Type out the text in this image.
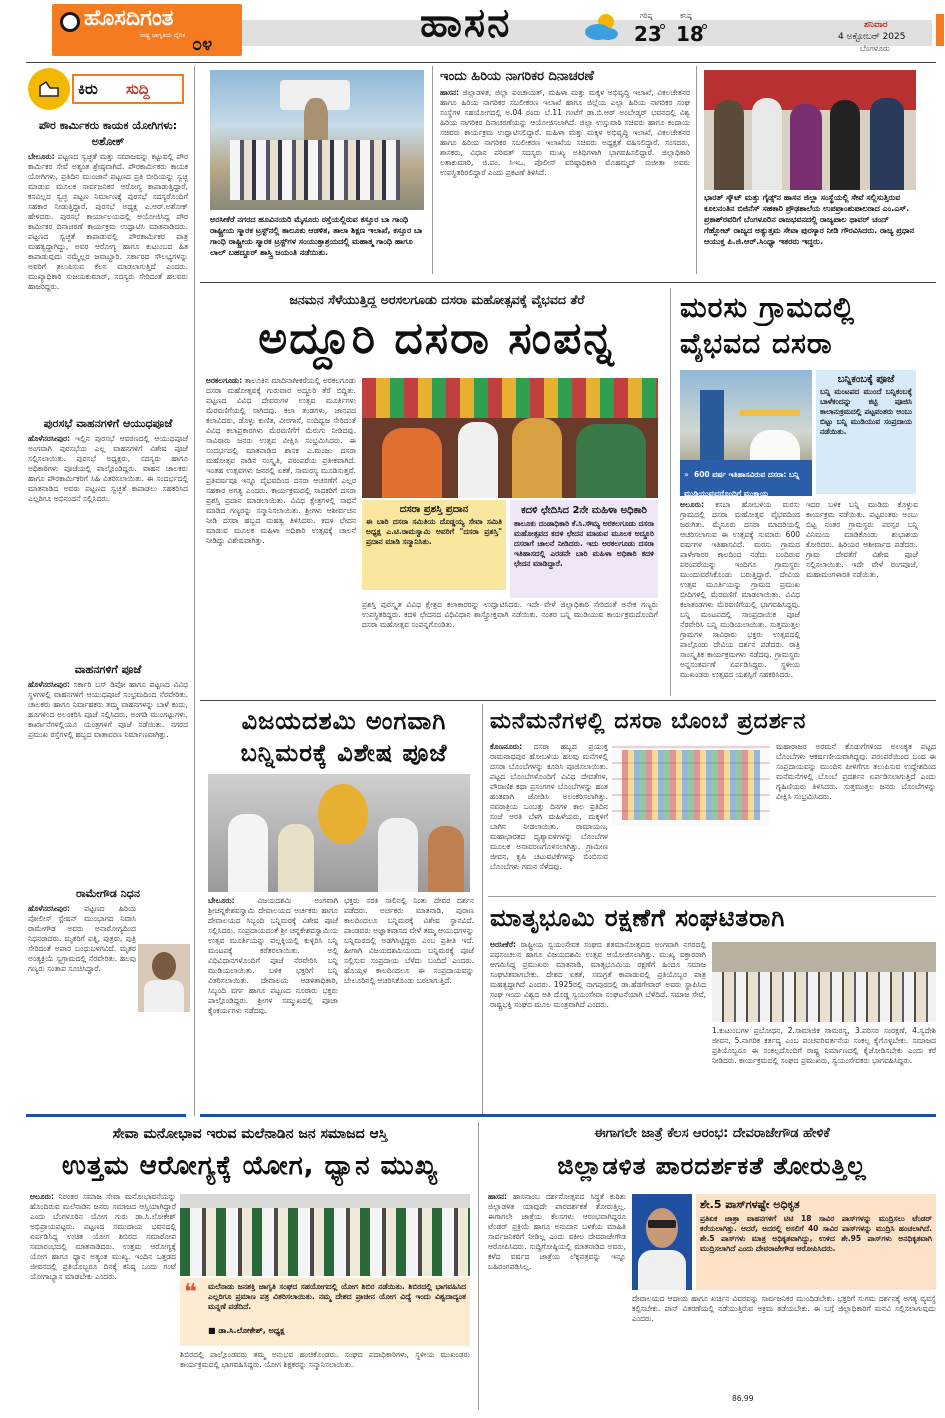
ಹೊಸದಿಗಂತ
ರಾಷ್ಟ್ರ ಜಾಗೃತಿಯ ದೈನಿಕ ೦೪	ಹಾಸನ	ಗರಿಷ್ಠ
23
ಕನಿಷ್ಠ
18	ಶನಿವಾರ
4 ಅಕ್ಟೋಬರ್ 2025
ಬೆಂಗಳೂರು
ಕಿರು ಸುದ್ದಿ
ಪೌರ ಕಾರ್ಮಿಕರು ಕಾಯಕ ಯೋಗಿಗಳು: ಅಶೋಕ್
ಬೇಲೂರು: ಪಟ್ಟಣದ ಸ್ವಚ್ಛತೆ ಮತ್ತು ಸಮಾಜವನ್ನು ಕಟ್ಟುವಲ್ಲಿ ಪೌರ ಕಾರ್ಮಿಕರ ಸೇವೆ ಅತ್ಯಂತ ಶ್ರೇಷ್ಠವಾಗಿದೆ. ಪೌರಕಾರ್ಮಿಕರು ಕಾಯಕ ಯೋಗಿಗಳು, ಪ್ರತಿದಿನ ಮುಂಜಾನೆ ಪಟ್ಟಣದ ಪ್ರತಿ ಬೀದಿಯನ್ನು ಸ್ವಚ್ಛ ಮಾಡುವ ಮೂಲಕ ಸಾರ್ವಜನಿಕರ ಆರೋಗ್ಯ ಕಾಪಾಡುತ್ತಿದ್ದಾರೆ, ಕಸವಿಲ್ಲದ ಸ್ವಚ್ಛ ಪಟ್ಟಣ ನಿರ್ಮಾಣಕ್ಕೆ ಪುರಸಭೆ ಸದಸ್ಯರೊಂದಿಗೆ ಸಹಕಾರ ನೀಡುತ್ತಿದ್ದಾರೆ. ಪುರಸಭೆ ಅಧ್ಯಕ್ಷ ಎ.ಆರ್.ಅಶೋಕ್ ಹೇಳಿದರು. ಪುರಸಭೆ ಕಾರ್ಯಾಲಯದಲ್ಲಿ ಆಯೋಜಿಸಿದ್ದ ಪೌರ ಕಾರ್ಮಿಕರ ದಿನಾಚರಣೆ ಕಾರ್ಯಕ್ರಮ ಉದ್ಘಾಟಿಸಿ ಮಾತನಾಡಿದರು. ಪಟ್ಟಣದ ಸ್ವಚ್ಛತೆ ಕಾಪಾಡುವಲ್ಲಿ ಪೌರಕಾರ್ಮಿಕರ ಪಾತ್ರ ಮಹತ್ವದ್ದಾಗಿದ್ದು, ಅವರ ಆರೋಗ್ಯ ಹಾಗೂ ಕುಟುಂಬದ ಹಿತ ಕಾಪಾಡುವುದು ನಮ್ಮೆಲ್ಲರ ಜವಾಬ್ದಾರಿ. ಸರ್ಕಾರದ ಸೌಲಭ್ಯಗಳನ್ನು ಅವರಿಗೆ ತಲುಪಿಸುವ ಕೆಲಸ ಮಾಡಲಾಗುತ್ತಿದೆ ಎಂದರು. ಮುಖ್ಯಾಧಿಕಾರಿ ಸುಜಯಕುಮಾರ್, ಸದಸ್ಯರು ಸೇರಿದಂತೆ ಹಲವರು ಹಾಜರಿದ್ದರು.
ಪುರಸಭೆ ವಾಹನಗಳಿಗೆ ಆಯುಧಪೂಜೆ
ಹೊಳೆನರಸೀಪುರ: ಇಲ್ಲಿನ ಪುರಸಭೆ ಆವರಣದಲ್ಲಿ ಆಯುಧಪೂಜೆ ಅಂಗವಾಗಿ ಪುರಸಭೆಯ ಎಲ್ಲ ವಾಹನಗಳಿಗೆ ವಿಶೇಷ ಪೂಜೆ ಸಲ್ಲಿಸಲಾಯಿತು. ಪುರಸಭೆ ಅಧ್ಯಕ್ಷರು, ಸದಸ್ಯರು ಹಾಗೂ ಅಧಿಕಾರಿಗಳು ಪೂಜೆಯಲ್ಲಿ ಪಾಲ್ಗೊಂಡಿದ್ದರು. ವಾಹನ ಚಾಲಕರು ಹಾಗೂ ಪೌರಕಾರ್ಮಿಕರಿಗೆ ಸಿಹಿ ವಿತರಿಸಲಾಯಿತು. ಈ ಸಂದರ್ಭದಲ್ಲಿ ಮಾತನಾಡಿದ ಅವರು ಪಟ್ಟಣದ ಸ್ವಚ್ಛತೆ ಕಾಪಾಡಲು ಸಹಕರಿಸಿದ ಎಲ್ಲರಿಗೂ ಅಭಿನಂದನೆ ಸಲ್ಲಿಸಿದರು.
ವಾಹನಗಳಿಗೆ ಪೂಜೆ
ಹೊಳೆನರಸೀಪುರ: ಸರ್ಕಾರಿ ಬಸ್ ಡಿಪೋ ಹಾಗೂ ಪಟ್ಟಣದ ವಿವಿಧ ಸ್ಥಳಗಳಲ್ಲಿ ವಾಹನಗಳಿಗೆ ಆಯುಧಪೂಜೆ ಸಂಭ್ರಮದಿಂದ ನೆರವೇರಿತು. ಚಾಲಕರು ಹಾಗೂ ನಿರ್ವಾಹಕರು ತಮ್ಮ ವಾಹನಗಳನ್ನು ಬಾಳೆ ಕಂದು, ಹೂಗಳಿಂದ ಅಲಂಕರಿಸಿ ಪೂಜೆ ಸಲ್ಲಿಸಿದರು. ಅಂಗಡಿ ಮುಂಗಟ್ಟುಗಳು, ಕಾರ್ಖಾನೆಗಳಲ್ಲಿಯೂ ಯಂತ್ರಗಳಿಗೆ ಪೂಜೆ ನಡೆಯಿತು. ನಗರದ ಪ್ರಮುಖ ರಸ್ತೆಗಳಲ್ಲಿ ಹಬ್ಬದ ವಾತಾವರಣ ನಿರ್ಮಾಣವಾಗಿತ್ತು.
ರಾಮೇಗೌಡ ನಿಧನ
ಹೊಳೆನರಸೀಪುರ: ಪಟ್ಟಣದ ಹಿರಿಯ ಪೋಲೀಸ್ ಸ್ಟೇಷನ್ ಮುಂಭಾಗದ ನಿವಾಸಿ ರಾಮೇಗೌಡ ಅವರು ಅನಾರೋಗ್ಯದಿಂದ ನಿಧನರಾದರು. ಮೃತರಿಗೆ ಪತ್ನಿ, ಪುತ್ರರು, ಪುತ್ರಿ ಸೇರಿದಂತೆ ಅಪಾರ ಬಂಧುಬಳಗವಿದೆ. ಮೃತರ ಅಂತ್ಯಕ್ರಿಯೆ ಸ್ವಗ್ರಾಮದಲ್ಲಿ ನೆರವೇರಿತು. ಹಲವು ಗಣ್ಯರು ಸಂತಾಪ ಸೂಚಿಸಿದ್ದಾರೆ.
ಅರಸೀಕೆರೆ ನಗರದ ಹೂವಿನಯರಿ ಮೈಸೂರು ರಸ್ತೆಯಲ್ಲಿರುವ ಕಸ್ತೂರ ಬಾ ಗಾಂಧಿ ರಾಷ್ಟ್ರೀಯ ಸ್ಮಾರಕ ಟ್ರಸ್ಟ್‌ನಲ್ಲಿ ತಾಲೂಕು ಆಡಳಿತ, ತಾಲಾ ಶಿಕ್ಷಣ ಇಲಾಖೆ, ಕಸ್ತೂರ ಬಾ ಗಾಂಧಿ ರಾಷ್ಟ್ರೀಯ ಸ್ಮಾರಕ ಟ್ರಸ್ಟ್‌ಗಳ ಸಂಯುಕ್ತಾಶ್ರಯದಲ್ಲಿ ಮಹಾತ್ಮ ಗಾಂಧಿ ಹಾಗೂ ಲಾಲ್ ಬಹದ್ದೂರ್ ಶಾಸ್ತ್ರಿ ಜಯಂತಿ ನಡೆಯಿತು.
ಇಂದು ಹಿರಿಯ ನಾಗರಿಕರ ದಿನಾಚರಣೆ
ಹಾಸನ: ಜಿಲ್ಲಾಡಳಿತ, ಜಿಲ್ಲಾ ಪಂಚಾಯತ್, ಮಹಿಳಾ ಮತ್ತು ಮಕ್ಕಳ ಅಭಿವೃದ್ಧಿ ಇಲಾಖೆ, ವಿಕಲಚೇತನರ ಹಾಗೂ ಹಿರಿಯ ನಾಗರಿಕರ ಸಬಲೀಕರಣ ಇಲಾಖೆ ಹಾಗೂ ಜಿಲ್ಲೆಯ ಎಲ್ಲಾ ಹಿರಿಯ ನಾಗರಿಕರ ಸಂಘ ಸಂಸ್ಥೆಗಳ ಸಹಯೋಗದಲ್ಲಿ ಅ.04 ರಂದು ಬೆ.11 ಗಂಟೆಗೆ ಡಾ.ಬಿ.ಆರ್ ಅಂಬೇಡ್ಕರ್ ಭವನದಲ್ಲಿ ವಿಶ್ವ ಹಿರಿಯ ನಾಗರಿಕರ ದಿನಾಚರಣೆಯನ್ನು ಆಯೋಜಿಸಲಾಗಿದೆ. ಜಿಲ್ಲಾ ಉಸ್ತುವಾರಿ ಸಚಿವರು ಹಾಗೂ ಕಂದಾಯ ಸಚಿವರು ಕಾರ್ಯಕ್ರಮ ಉದ್ಘಾಟಿಸಲಿದ್ದಾರೆ. ಮಹಿಳಾ ಮತ್ತು ಮಕ್ಕಳ ಅಭಿವೃದ್ಧಿ ಇಲಾಖೆ, ವಿಕಲಚೇತನರ ಹಾಗೂ ಹಿರಿಯ ನಾಗರಿಕರ ಸಬಲೀಕರಣ ಇಲಾಖೆಯ ಸಚಿವರು ಅಧ್ಯಕ್ಷತೆ ವಹಿಸಲಿದ್ದಾರೆ. ಸಂಸದರು, ಶಾಸಕರು, ವಿಧಾನ ಪರಿಷತ್ ಸದಸ್ಯರು ಮುಖ್ಯ ಅತಿಥಿಗಳಾಗಿ ಭಾಗವಹಿಸಲಿದ್ದಾರೆ. ಜಿಲ್ಲಾಧಿಕಾರಿ ಲತಾಕುಮಾರಿ, ಜಿ.ಪಂ. ಸಿಇಒ, ಪೊಲೀಸ್ ವರಿಷ್ಠಾಧಿಕಾರಿ ಮೊಹಮ್ಮದ್ ಸುಜೀತಾ ಅವರು ಉಪಸ್ಥಿತರಿರಲಿದ್ದಾರೆ ಎಂದು ಪ್ರಕಟಣೆ ತಿಳಿಸಿದೆ.
ಭಾರತ್ ಸ್ಕೌಟ್ ಮತ್ತು ಗೈಡ್ಸ್‌ನ ಹಾಸನ ಜಿಲ್ಲಾ ಸಂಸ್ಥೆಯಲ್ಲಿ ಸೇವೆ ಸಲ್ಲಿಸುತ್ತಿರುವ ಕೂಲನಂತಿನ ಬಿಜಿನೆಸ್ ಸಹಕಾರಿ ಪ್ರೌಢಶಾಲೆಯ ಉಪಪ್ರಾಂಶುಪಾಲರಾದ ಎಂ.ಎಸ್. ಪ್ರಕಾಶ್‌ರವರಿಗೆ ಬೆಂಗಳೂರಿನ ರಾಜಭವನದಲ್ಲಿ ರಾಜ್ಯಪಾಲ ಥಾವರ್ ಚಂದ್ ಗೆಹ್ಲೋಟ್ ರಾಜ್ಯದ ಅತ್ಯುತ್ತಮ ಸೇವಾ ಪುರಸ್ಕಾರ ನೀಡಿ ಗೌರವಿಸಿದರು. ರಾಜ್ಯ ಪ್ರಧಾನ ಆಯುಕ್ತ ಪಿ.ಜಿ.ಆರ್.ಸಿಂಧ್ಯಾ ಇತರರು ಇದ್ದರು.
ಜನಮನ ಸೆಳೆಯುತ್ತಿದ್ದ ಅರಸಲಗೂಡು ದಸರಾ ಮಹೋತ್ಸವಕ್ಕೆ ವೈಭವದ ತೆರೆ
ಅದ್ದೂರಿ ದಸರಾ ಸಂಪನ್ನ
ಅರಕಲಗೂಡು: ತಾಲೂಕಿನ ಮಾದಿನಾಗೀಕರೆಯಲ್ಲಿ ಅರಕಲಗೂಡು ದಸರಾ ಮಹೋತ್ಸವಕ್ಕೆ ಗುರುವಾರ ಅದ್ದೂರಿ ತೆರೆ ಬಿದ್ದಿತು. ಪಟ್ಟಣದ ವಿವಿಧ ದೇವರುಗಳ ಉತ್ಸವ ಮೂರ್ತಿಗಳು ಮೆರವಣಿಗೆಯಲ್ಲಿ ಸಾಗಿದವು. ಕಲಾ ತಂಡಗಳು, ಜಾನಪದ ಕಲಾವಿದರು, ಡೊಳ್ಳು ಕುಣಿತ, ವೀರಗಾಸೆ, ನಂದಿಧ್ವಜ ಸೇರಿದಂತೆ ವಿವಿಧ ಕಲಾಪ್ರಕಾರಗಳು ಮೆರವಣಿಗೆಗೆ ಮೆರುಗು ನೀಡಿದವು. ಸಾವಿರಾರು ಜನರು ಉತ್ಸವ ವೀಕ್ಷಿಸಿ ಸಂಭ್ರಮಿಸಿದರು. ಈ ಸಂದರ್ಭದಲ್ಲಿ ಮಾತನಾಡಿದ ಶಾಸಕ ಎ.ಮಂಜು ದಸರಾ ಮಹೋತ್ಸವ ನಾಡಿನ ಸಂಸ್ಕೃತಿ, ಪರಂಪರೆಯ ಪ್ರತೀಕವಾಗಿದೆ. ಇಂತಹ ಉತ್ಸವಗಳು ಜನರಲ್ಲಿ ಏಕತೆ, ಸಾಮರಸ್ಯ ಮೂಡಿಸುತ್ತವೆ. ಪ್ರತಿವರ್ಷವೂ ಇನ್ನೂ ವೈಭವದಿಂದ ದಸರಾ ಆಚರಣೆಗೆ ಎಲ್ಲರ ಸಹಕಾರ ಅಗತ್ಯ ಎಂದರು. ಕಾರ್ಯಕ್ರಮದಲ್ಲಿ ಸಾಧಕರಿಗೆ ದಸರಾ ಪ್ರಶಸ್ತಿ ಪ್ರದಾನ ಮಾಡಲಾಯಿತು. ವಿವಿಧ ಕ್ಷೇತ್ರಗಳಲ್ಲಿ ಸಾಧನೆ ಮಾಡಿದ ಗಣ್ಯರನ್ನು ಸನ್ಮಾನಿಸಲಾಯಿತು. ಶ್ರೀಗಳು ಆಶೀರ್ವಚನ ನೀಡಿ ದಸರಾ ಹಬ್ಬದ ಮಹತ್ವ ತಿಳಿಸಿದರು. ಕದಳಿ ಛೇದನ ಮಾಡುವ ಮೂಲಕ ಮಹಿಳಾ ಅಧಿಕಾರಿ ಉತ್ಸವಕ್ಕೆ ಚಾಲನೆ ನೀಡಿದ್ದು ವಿಶೇಷವಾಗಿತ್ತು.
ದಸರಾ ಪ್ರಶಸ್ತಿ ಪ್ರದಾನ
ಈ ಬಾರಿ ದಸರಾ ಸಮಿತಿಯ ದೊಡ್ಡಯ್ಯ ಸೇವಾ ಸಮಿತಿ ಅಧ್ಯಕ್ಷ ಎ.ಟಿ.ರಾಮಸ್ವಾಮಿ ಅವರಿಗೆ "ದಸರಾ ಪ್ರಶಸ್ತಿ" ಪ್ರದಾನ ಮಾಡಿ ಸನ್ಮಾನಿಸಿತು.
ಕದಳಿ ಛೇದಿಸಿದ 2ನೇ ಮಹಿಳಾ ಅಧಿಕಾರಿ
ತಾಲೂಕು ದಂಡಾಧಿಕಾರಿ ಕೆ.ಸಿ.ಸೌಮ್ಯ ಅರಕಲಗೂಡು ದಸರಾ ಮಹೋತ್ಸವದ ಕದಳಿ ಛೇದನ ಮಾಡುವ ಮೂಲಕ ಅದ್ದೂರಿ ದಸರಾಗೆ ಚಾಲನೆ ನೀಡಿದರು. ಇದು ಅರಕಲಗೂಡು ದಸರಾ ಇತಿಹಾಸದಲ್ಲಿ ಎರಡನೇ ಬಾರಿ ಮಹಿಳಾ ಅಧಿಕಾರಿ ಕದಳಿ ಛೇದನ ಮಾಡಿದ್ದಾರೆ.
ಪ್ರಶಸ್ತಿ ಪುರಸ್ಕೃತ ವಿವಿಧ ಕ್ಷೇತ್ರದ ಕಲಾಕಾರರನ್ನು ಉದ್ಘಾಟಿಸಿದರು. ಇದೇ ವೇಳೆ ಜಿಲ್ಲಾಧಿಕಾರಿ ಸೇರಿದಂತೆ ಅನೇಕ ಗಣ್ಯರು ಉಪಸ್ಥಿತರಿದ್ದರು. ಕದಳಿ ಛೇದನದ ವಿಧಿವಿಧಾನ ಶಾಸ್ತ್ರೋಕ್ತವಾಗಿ ನಡೆಯಿತು. ನಂತರ ಬನ್ನಿ ಮುಡಿಯುವ ಕಾರ್ಯಕ್ರಮದೊಂದಿಗೆ ದಸರಾ ಮಹೋತ್ಸವ ಸಂಪನ್ನಗೊಂಡಿತು.
ಮರಸು ಗ್ರಾಮದಲ್ಲಿ
ವೈಭವದ ದಸರಾ
» 600 ವರ್ಷ ಇತಿಹಾಸವಿರುವ ದಸರಾ: ಬನ್ನಿ ಮುಡಿಯುವುದರೊಂದಿಗೆ ಮುಕ್ತಾಯ
ಬನ್ನಿಕಂಬಕ್ಕೆ ಪೂಜೆ
ಬನ್ನಿ ಮಂಟಪದ ಮುಂದೆ ಬನ್ನಿಕಂಬಕ್ಕೆ ಬಾಳೆಕಂದನ್ನು ಕಟ್ಟಿ ಪೂಜಿಸಿ ಕಾಲಾನುಕ್ರಮದಲ್ಲಿ ಪಟ್ಟವಂತರು ಅಂಬು ಬಿಟ್ಟು ಬನ್ನಿ ಮುಡಿಯುವ ಸಂಪ್ರದಾಯ ನಡೆಯಿತು.
ಆಲೂರು: ಕಸಬಾ ಹೋಬಳಿಯ ಮರಸು ಗ್ರಾಮದಲ್ಲಿ ದಸರಾ ಮಹೋತ್ಸವ ವೈಭವದಿಂದ ಜರುಗಿತು. ಮೈಸೂರು ದಸರಾ ಮಾದರಿಯಲ್ಲಿ ಆಚರಿಸಲಾಗುವ ಈ ಉತ್ಸವಕ್ಕೆ ಸುಮಾರು 600 ವರ್ಷಗಳ ಇತಿಹಾಸವಿದೆ. ಮರಸು ಗ್ರಾಮದ ಪಾಳೇಗಾರರ ಕಾಲದಿಂದ ನಡೆದು ಬಂದಿರುವ ಪರಂಪರೆಯನ್ನು ಇಂದಿಗೂ ಗ್ರಾಮಸ್ಥರು ಮುಂದುವರೆಸಿಕೊಂಡು ಬರುತ್ತಿದ್ದಾರೆ. ದೇವಿಯ ಉತ್ಸವ ಮೂರ್ತಿಯನ್ನು ಗ್ರಾಮದ ಪ್ರಮುಖ ಬೀದಿಗಳಲ್ಲಿ ಮೆರವಣಿಗೆ ಮಾಡಲಾಯಿತು. ವಿವಿಧ ಕಲಾತಂಡಗಳು ಮೆರವಣಿಗೆಯಲ್ಲಿ ಭಾಗವಹಿಸಿದ್ದವು. ಬನ್ನಿ ಮಂಟಪದಲ್ಲಿ ಸಾಂಪ್ರದಾಯಿಕ ಪೂಜೆ ನೆರವೇರಿಸಿ ಬನ್ನಿ ಮುಡಿಯಲಾಯಿತು. ಸುತ್ತಮುತ್ತಲ ಗ್ರಾಮಗಳ ಸಾವಿರಾರು ಭಕ್ತರು ಉತ್ಸವದಲ್ಲಿ ಪಾಲ್ಗೊಂಡು ದೇವಿಯ ದರ್ಶನ ಪಡೆದರು. ರಾತ್ರಿ ಸಾಂಸ್ಕೃತಿಕ ಕಾರ್ಯಕ್ರಮಗಳು ನಡೆದವು. ಗ್ರಾಮಸ್ಥರು ಅನ್ನಸಂತರ್ಪಣೆ ಏರ್ಪಡಿಸಿದ್ದರು. ಸ್ಥಳೀಯ ಮುಖಂಡರು ಉತ್ಸವದ ಯಶಸ್ಸಿಗೆ ಸಹಕರಿಸಿದರು.
ಇದರ ಬಳಿಕ ಬನ್ನಿ ಮುಡಿದು ಕೊಳ್ಳುವ ಕಾರ್ಯಕ್ರಮ ನಡೆಯಿತು. ಪಟ್ಟವಂತರು ಅಂಬು ಬಿಟ್ಟ ನಂತರ ಗ್ರಾಮಸ್ಥರು ಪರಸ್ಪರ ಬನ್ನಿ ವಿನಿಮಯ ಮಾಡಿಕೊಂಡು ಶುಭಾಶಯ ಕೋರಿದರು. ಹಿರಿಯರ ಆಶೀರ್ವಾದ ಪಡೆದರು. ಗ್ರಾಮ ದೇವತೆಗೆ ವಿಶೇಷ ಪೂಜೆ ಸಲ್ಲಿಸಲಾಯಿತು. ಇದೇ ವೇಳೆ ರಂಗಪೂಜೆ, ಮಹಾಮಂಗಳಾರತಿ ನಡೆಯಿತು.
ವಿಜಯದಶಮಿ ಅಂಗವಾಗಿ
ಬನ್ನಿಮರಕ್ಕೆ ವಿಶೇಷ ಪೂಜೆ
ಬೇಲೂರು:	ವಿಜಯದಶಮಿ ಅಂಗವಾಗಿ ಶ್ರೀಚನ್ನಕೇಶವಸ್ವಾಮಿ ದೇವಾಲಯದ ಅರ್ಚಕರು ಹಾಗೂ ದೇವಾಲಯದ ಸಿಬ್ಬಂದಿ ಬನ್ನಿಮರಕ್ಕೆ ವಿಶೇಷ ಪೂಜೆ ಸಲ್ಲಿಸಿದರು. ಸಂಪ್ರದಾಯದಂತೆ ಶ್ರೀ ಚನ್ನಕೇಶವಸ್ವಾಮಿಯ ಉತ್ಸವ ಮೂರ್ತಿಯನ್ನು ಪಲ್ಲಕ್ಕಿಯಲ್ಲಿ ಕುಳ್ಳಿರಿಸಿ ಬನ್ನಿ ಮಂಟಪಕ್ಕೆ ಕರೆತರಲಾಯಿತು. ಅಲ್ಲಿ ವಿಧಿವಿಧಾನಗಳೊಂದಿಗೆ ಪೂಜೆ ನೆರವೇರಿಸಿ ಬನ್ನಿ ಮುಡಿಯಲಾಯಿತು. ಬಳಿಕ ಭಕ್ತರಿಗೆ ಬನ್ನಿ ವಿತರಿಸಲಾಯಿತು. ದೇವಾಲಯ ಆಡಳಿತಾಧಿಕಾರಿ, ಸಿಬ್ಬಂದಿ ವರ್ಗ ಹಾಗೂ ಪಟ್ಟಣದ ನೂರಾರು ಭಕ್ತರು ಪಾಲ್ಗೊಂಡಿದ್ದರು. ಶ್ರೀಗಳ ಸಮ್ಮುಖದಲ್ಲಿ ಪೂಜಾ ಕೈಂಕರ್ಯಗಳು ನಡೆದವು.
ಭಕ್ತರು ಸರತಿ ಸಾಲಿನಲ್ಲಿ ನಿಂತು ದೇವರ ದರ್ಶನ ಪಡೆದರು. ಅರ್ಚಕರು ಮಾತನಾಡಿ, ಪುರಾಣ ಕಾಲದಿಂದಲೂ ಬನ್ನಿಮರಕ್ಕೆ ವಿಶೇಷ ಸ್ಥಾನವಿದೆ. ಪಾಂಡವರು ಅಜ್ಞಾತವಾಸದ ವೇಳೆ ತಮ್ಮ ಆಯುಧಗಳನ್ನು ಬನ್ನಿಮರದಲ್ಲಿ ಅಡಗಿಸಿಟ್ಟಿದ್ದರು ಎಂಬ ಪ್ರತೀತಿ ಇದೆ. ಹೀಗಾಗಿ ವಿಜಯದಶಮಿಯಂದು ಬನ್ನಿಮರಕ್ಕೆ ಪೂಜೆ ಸಲ್ಲಿಸುವ ಸಂಪ್ರದಾಯ ಬೆಳೆದು ಬಂದಿದೆ ಎಂದರು. ಹೊಯ್ಸಳ ಕಾಲದಿಂದಲೂ ಈ ಸಂಪ್ರದಾಯವನ್ನು ಬೇಲೂರಿನಲ್ಲಿ ಆಚರಿಸಿಕೊಂಡು ಬರಲಾಗುತ್ತಿದೆ.
ಮನೆಮನೆಗಳಲ್ಲಿ ದಸರಾ ಬೊಂಬೆ ಪ್ರದರ್ಶನ
ಕೊಣನೂರು: ದಸರಾ ಹಬ್ಬದ ಪ್ರಯುಕ್ತ ರಾಮನಾಥಪುರ ಹೋಬಳಿಯ ಹಲವು ಮನೆಗಳಲ್ಲಿ ದಸರಾ ಬೊಂಬೆಗಳನ್ನು ಕೂರಿಸಿ ಪೂಜಿಸಲಾಯಿತು. ಪಟ್ಟದ ಬೊಂಬೆಗಳೊಂದಿಗೆ ವಿವಿಧ ದೇವತೆಗಳ, ಪೌರಾಣಿಕ ಕಥಾ ಪ್ರಸಂಗಗಳ ಬೊಂಬೆಗಳನ್ನು ಹಂತ ಹಂತವಾಗಿ ಜೋಡಿಸಿ ಅಲಂಕರಿಸಲಾಗಿತ್ತು. ನವರಾತ್ರಿಯ ಒಂಬತ್ತು ದಿನಗಳ ಕಾಲ ಪ್ರತಿದಿನ ಸಂಜೆ ಆರತಿ ಬೆಳಗಿ ಮಹಿಳೆಯರು, ಮಕ್ಕಳಿಗೆ ಬಾಗಿನ ನೀಡಲಾಯಿತು. ರಾಮಾಯಣ, ಮಹಾಭಾರತದ ದೃಶ್ಯಾವಳಿಗಳನ್ನು ಬೊಂಬೆಗಳ ಮೂಲಕ ಅನಾವರಣಗೊಳಿಸಲಾಗಿತ್ತು. ಗ್ರಾಮೀಣ ಜೀವನ, ಕೃಷಿ ಚಟುವಟಿಕೆಗಳನ್ನು ಬಿಂಬಿಸುವ ಬೊಂಬೆಗಳು ಗಮನ ಸೆಳೆದವು.
ಮಹಾರಾಜರ ಅರಮನೆ ತೊಡುಗೆಗಳಿಂದ ಅಲಂಕೃತ ಪಟ್ಟದ ಬೊಂಬೆಗಳು ಆಕರ್ಷಣೀಯವಾಗಿದ್ದವು. ಪರಂಪರೆಯಿಂದ ಬಂದ ಈ ಸಂಪ್ರದಾಯವನ್ನು ಮುಂದಿನ ಪೀಳಿಗೆಗೂ ತಲುಪಿಸುವ ಉದ್ದೇಶದಿಂದ ಮನೆಮನೆಗಳಲ್ಲಿ ಬೊಂಬೆ ಪ್ರದರ್ಶನ ಏರ್ಪಡಿಸಲಾಗುತ್ತಿದೆ ಎಂದು ಗೃಹಿಣಿಯರು ತಿಳಿಸಿದರು. ಸುತ್ತಮುತ್ತಲ ಜನರು ಬೊಂಬೆಗಳನ್ನು ವೀಕ್ಷಿಸಿ ಸಂಭ್ರಮಿಸಿದರು.
ಮಾತೃಭೂಮಿ ರಕ್ಷಣೆಗೆ ಸಂಘಟಿತರಾಗಿ
ಅರಸೀಕೆರೆ: ರಾಷ್ಟ್ರೀಯ ಸ್ವಯಂಸೇವಕ ಸಂಘದ ಶತಮಾನೋತ್ಸವದ ಅಂಗವಾಗಿ ನಗರದಲ್ಲಿ ಪಥಸಂಚಲನ ಹಾಗೂ ವಿಜಯದಶಮಿ ಉತ್ಸವ ಆಯೋಜಿಸಲಾಗಿತ್ತು. ಮುಖ್ಯ ವಕ್ತಾರರಾಗಿ ಆಗಮಿಸಿದ್ದ ಪ್ರಮುಖರು ಮಾತನಾಡಿ, ಮಾತೃಭೂಮಿಯ ರಕ್ಷಣೆಗೆ ಹಿಂದೂ ಸಮಾಜ ಸಂಘಟಿತವಾಗಬೇಕು. ದೇಶದ ಏಕತೆ, ಸಮಗ್ರತೆ ಕಾಪಾಡುವಲ್ಲಿ ಪ್ರತಿಯೊಬ್ಬರ ಪಾತ್ರ ಮಹತ್ವದ್ದಾಗಿದೆ ಎಂದರು. 1925ರಲ್ಲಿ ನಾಗಪುರದಲ್ಲಿ ಡಾ.ಹೆಡಗೇವಾರ್ ಅವರು ಸ್ಥಾಪಿಸಿದ ಸಂಘ ಇಂದು ವಿಶ್ವದ ಅತಿ ದೊಡ್ಡ ಸ್ವಯಂಸೇವಾ ಸಂಘಟನೆಯಾಗಿ ಬೆಳೆದಿದೆ. ಸಮಾಜ ಸೇವೆ, ರಾಷ್ಟ್ರಭಕ್ತಿ ಸಂಘದ ಮೂಲ ಮಂತ್ರವಾಗಿದೆ ಎಂದರು.
1.ಕುಟುಂಬಗಳ ಪ್ರಬೋಧನ, 2.ಸಾಮಾಜಿಕ ಸಾಮರಸ್ಯ, 3.ಪರಿಸರ ಸಂರಕ್ಷಣೆ, 4.ಸ್ವದೇಶಿ ಜೀವನ, 5.ನಾಗರಿಕ ಕರ್ತವ್ಯ ಎಂಬ ಪಂಚಪರಿವರ್ತನೆಯ ಸಂಕಲ್ಪ ಕೈಗೊಳ್ಳಬೇಕು. ಸಮಾಜದ ಪ್ರತಿಯೊಬ್ಬರೂ ಈ ಸಂಕಲ್ಪದೊಂದಿಗೆ ರಾಷ್ಟ್ರ ನಿರ್ಮಾಣದಲ್ಲಿ ಕೈಜೋಡಿಸಬೇಕು ಎಂದು ಕರೆ ನೀಡಿದರು. ಕಾರ್ಯಕ್ರಮದಲ್ಲಿ ಸಂಘದ ಪ್ರಮುಖರು, ಸ್ವಯಂಸೇವಕರು ಭಾಗವಹಿಸಿದ್ದರು.
ಸೇವಾ ಮನೋಭಾವ ಇರುವ ಮಲೆನಾಡಿನ ಜನ ಸಮಾಜದ ಆಸ್ತಿ
ಉತ್ತಮ ಆರೋಗ್ಯಕ್ಕೆ ಯೋಗ, ಧ್ಯಾನ ಮುಖ್ಯ
ಆಲೂರು: ನಿರಂತರ ಸಮಾಜ ಸೇವಾ ಮನೋಭಾವನೆಯನ್ನು ಹೊಂದಿರುವ ಮಲೆನಾಡಿನ ಜನರು ಸಮಾಜದ ಆಸ್ತಿಯಾಗಿದ್ದಾರೆ ಎಂದು ಬೆಂಗಳೂರಿನ ಯೋಗ ಗುರು ಡಾ.ಸಿ.ಲೋಕೇಶ್ ಅಭಿಪ್ರಾಯಪಟ್ಟರು. ಪಟ್ಟಣದ ಸಮುದಾಯ ಭವನದಲ್ಲಿ ಏರ್ಪಡಿಸಿದ್ದ ಉಚಿತ ಯೋಗ ಶಿಬಿರದ ಸಮಾರೋಪ ಸಮಾರಂಭದಲ್ಲಿ ಮಾತನಾಡಿದರು. ಉತ್ತಮ ಆರೋಗ್ಯಕ್ಕೆ ಯೋಗ ಹಾಗೂ ಧ್ಯಾನ ಅತ್ಯಂತ ಮುಖ್ಯ. ಇಂದಿನ ಒತ್ತಡದ ಜೀವನದಲ್ಲಿ ಪ್ರತಿಯೊಬ್ಬರೂ ದಿನಕ್ಕೆ ಕನಿಷ್ಠ ಒಂದು ಗಂಟೆ ಯೋಗಾಭ್ಯಾಸ ಮಾಡಬೇಕು ಎಂದರು.
❝ ಮಲೆನಾಡು ಜನಶಕ್ತಿ ಜಾಗೃತಿ ಸಂಘದ ಸಹಯೋಗದಲ್ಲಿ ಯೋಗ ಶಿಬಿರ ನಡೆಯಿತು. ಶಿಬಿರದಲ್ಲಿ ಭಾಗವಹಿಸಿದ ಎಲ್ಲರಿಗೂ ಪ್ರಮಾಣ ಪತ್ರ ವಿತರಿಸಲಾಯಿತು. ನಮ್ಮ ದೇಶದ ಪ್ರಾಚೀನ ಯೋಗ ವಿದ್ಯೆ ಇಂದು ವಿಶ್ವದಾದ್ಯಂತ ಮನ್ನಣೆ ಪಡೆದಿದೆ.
■ ಡಾ.ಸಿ.ಲೋಕೇಶ್, ಅಧ್ಯಕ್ಷ
ಶಿಬಿರದಲ್ಲಿ ಪಾಲ್ಗೊಂಡವರು ತಮ್ಮ ಅನುಭವ ಹಂಚಿಕೊಂಡರು. ಸಂಘದ ಪದಾಧಿಕಾರಿಗಳು, ಸ್ಥಳೀಯ ಮುಖಂಡರು ಕಾರ್ಯಕ್ರಮದಲ್ಲಿ ಭಾಗವಹಿಸಿದ್ದರು. ಯೋಗ ಶಿಕ್ಷಕರನ್ನು ಸನ್ಮಾನಿಸಲಾಯಿತು.
ಈಗಾಗಲೇ ಜಾತ್ರೆ ಕೆಲಸ ಆರಂಭ: ದೇವರಾಜೇಗೌಡ ಹೇಳಿಕೆ
ಜಿಲ್ಲಾಡಳಿತ ಪಾರದರ್ಶಕತೆ ತೋರುತ್ತಿಲ್ಲ
ಹಾಸನ: ಹಾಸನಾಂಬ ದರ್ಶನೋತ್ಸವದ ಸಿದ್ಧತೆ ಕುರಿತು ಜಿಲ್ಲಾಡಳಿತ ಯಾವುದೇ ಪಾರದರ್ಶಕತೆ ತೋರುತ್ತಿಲ್ಲ. ಈಗಾಗಲೇ ಜಾತ್ರೆಯ ಕೆಲಸಗಳು ಆರಂಭವಾಗಿದ್ದರೂ ಟೆಂಡರ್ ಪ್ರಕ್ರಿಯೆ ಹಾಗೂ ಅನುದಾನ ಬಳಕೆಯ ಮಾಹಿತಿ ಸಾರ್ವಜನಿಕರಿಗೆ ನೀಡಿಲ್ಲ ಎಂದು ವಕೀಲ ದೇವರಾಜೇಗೌಡ ಆರೋಪಿಸಿದರು. ಸುದ್ದಿಗೋಷ್ಠಿಯಲ್ಲಿ ಮಾತನಾಡಿದ ಅವರು, ಕಳೆದ ವರ್ಷದ ಜಾತ್ರೆಯ ಲೆಕ್ಕಪತ್ರವನ್ನು ಇನ್ನೂ ಬಹಿರಂಗಪಡಿಸಿಲ್ಲ.
ಶೇ.5 ಪಾಸ್‌ಗಳಷ್ಟೇ ಅಧಿಕೃತ
ಪ್ರತಿಏಕ ಜಾತ್ರಾ ವಾಹನಗಳಿಗೆ ಟಿಟಿ 18 ಸಾವಿರ ಪಾಸ್‌ಗಳನ್ನು ಮುದ್ರಿಸಲು ಟೆಂಡರ್ ಕರೆಯಲಾಗಿತ್ತು. ಆದರೆ, ಅದರಲ್ಲಿ ಅಸಲಿಗೆ 40 ಸಾವಿರ ಪಾಸ್‌ಗಳನ್ನು ಮುದ್ರಿಸಿ ಹಂಚಲಾಗಿದೆ. ಶೇ.5 ಪಾಸ್‌ಗಳು ಮಾತ್ರ ಅಧಿಕೃತವಾಗಿದ್ದು, ಉಳಿದ ಶೇ.95 ಪಾಸ್‌ಗಳು ಅನಧಿಕೃತವಾಗಿ ಮುದ್ರಿಸಲಾಗಿದೆ ಎಂದು ದೇವರಾಜೇಗೌಡ ಆರೋಪಿಸಿದರು.
ದೇವಾಲಯದ ಆದಾಯ ಹಾಗೂ ಖರ್ಚಿನ ವಿವರವನ್ನು ಸಾರ್ವಜನಿಕರ ಮುಂದಿಡಬೇಕು. ಭಕ್ತರಿಗೆ ಸುಗಮ ದರ್ಶನಕ್ಕೆ ಅಗತ್ಯ ವ್ಯವಸ್ಥೆ ಕಲ್ಪಿಸಬೇಕು. ಪಾಸ್ ವಿತರಣೆಯಲ್ಲಿ ನಡೆಯುತ್ತಿರುವ ಅಕ್ರಮ ತಡೆಯಬೇಕು. ಈ ಬಗ್ಗೆ ಜಿಲ್ಲಾಧಿಕಾರಿಗೆ ಮನವಿ ಸಲ್ಲಿಸಲಾಗುವುದು ಎಂದರು.
86.99
